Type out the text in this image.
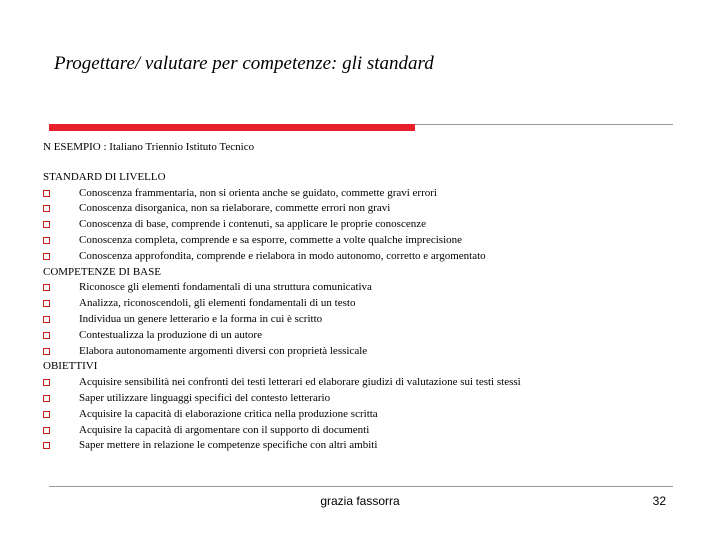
Progettare/ valutare per competenze: gli standard
N ESEMPIO : Italiano Triennio Istituto Tecnico
STANDARD DI LIVELLO
Conoscenza frammentaria, non si orienta anche se guidato, commette gravi errori
Conoscenza disorganica, non sa rielaborare, commette errori non gravi
Conoscenza di base, comprende i contenuti, sa applicare le proprie conoscenze
Conoscenza completa, comprende e sa esporre, commette a volte qualche imprecisione
Conoscenza approfondita, comprende e rielabora in modo autonomo, corretto e argomentato
COMPETENZE DI BASE
Riconosce gli elementi fondamentali di una struttura comunicativa
Analizza, riconoscendoli, gli elementi fondamentali di un testo
Individua un genere letterario e la forma in cui è scritto
Contestualizza la produzione di un autore
Elabora autonomamente argomenti diversi con proprietà lessicale
OBIETTIVI
Acquisire sensibilità nei confronti dei testi letterari ed elaborare giudizi di valutazione sui testi stessi
Saper utilizzare linguaggi specifici del contesto letterario
Acquisire la capacità di elaborazione critica nella produzione scritta
Acquisire la capacità di argomentare con il supporto di documenti
Saper mettere in relazione le competenze specifiche con altri ambiti
grazia fassorra	32
